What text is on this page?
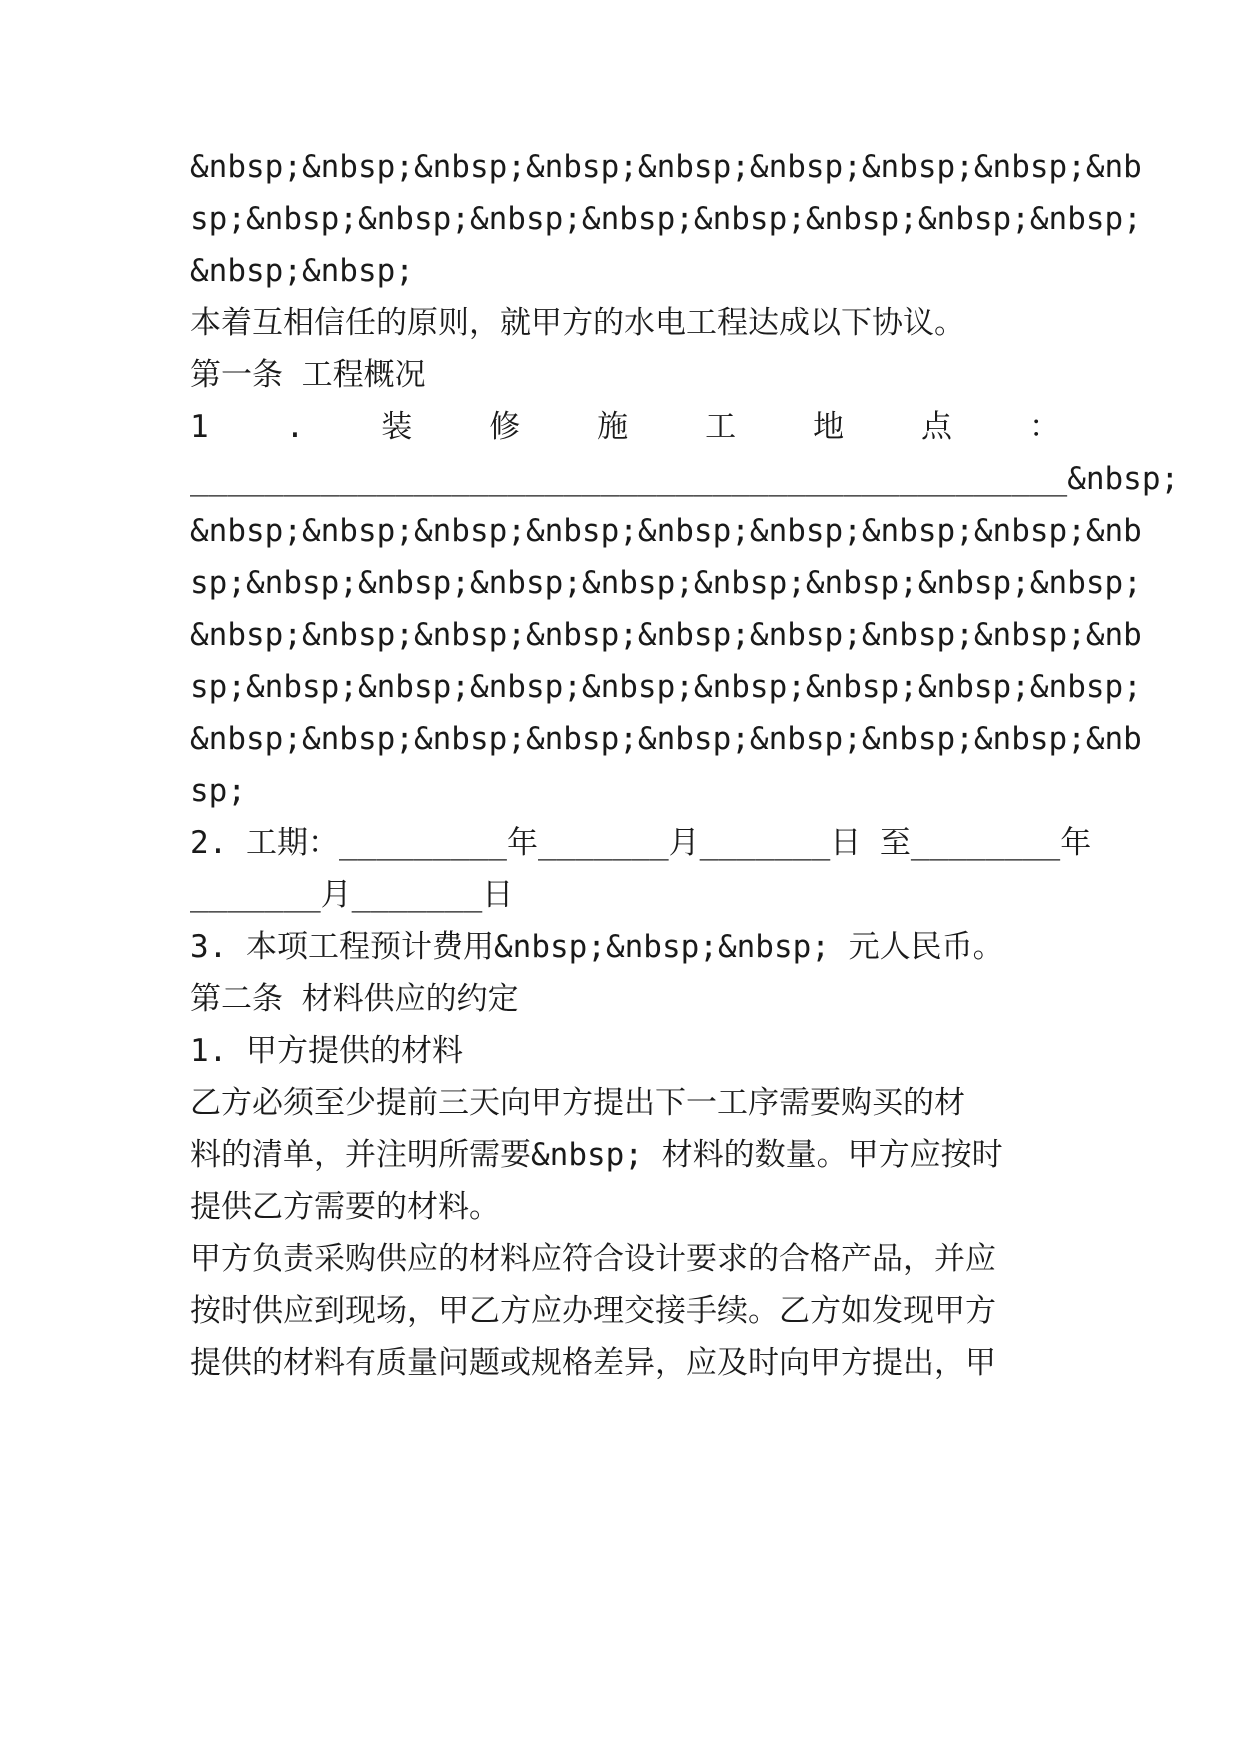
&nbsp;&nbsp;&nbsp;&nbsp;&nbsp;&nbsp;&nbsp;&nbsp;&nb
sp;&nbsp;&nbsp;&nbsp;&nbsp;&nbsp;&nbsp;&nbsp;&nbsp;
&nbsp;&nbsp;
本着互相信任的原则，就甲方的水电工程达成以下协议。
第一条 工程概况
1 . 装 修 施 工 地 点 ：
_______________________________________________&nbsp;
&nbsp;&nbsp;&nbsp;&nbsp;&nbsp;&nbsp;&nbsp;&nbsp;&nb
sp;&nbsp;&nbsp;&nbsp;&nbsp;&nbsp;&nbsp;&nbsp;&nbsp;
&nbsp;&nbsp;&nbsp;&nbsp;&nbsp;&nbsp;&nbsp;&nbsp;&nb
sp;&nbsp;&nbsp;&nbsp;&nbsp;&nbsp;&nbsp;&nbsp;&nbsp;
&nbsp;&nbsp;&nbsp;&nbsp;&nbsp;&nbsp;&nbsp;&nbsp;&nb
sp;
2. 工期：_________年_______月_______日 至________年
_______月_______日
3. 本项工程预计费用&nbsp;&nbsp;&nbsp; 元人民币。
第二条 材料供应的约定
1. 甲方提供的材料
乙方必须至少提前三天向甲方提出下一工序需要购买的材
料的清单，并注明所需要&nbsp; 材料的数量。甲方应按时
提供乙方需要的材料。
甲方负责采购供应的材料应符合设计要求的合格产品，并应
按时供应到现场，甲乙方应办理交接手续。乙方如发现甲方
提供的材料有质量问题或规格差异，应及时向甲方提出，甲
